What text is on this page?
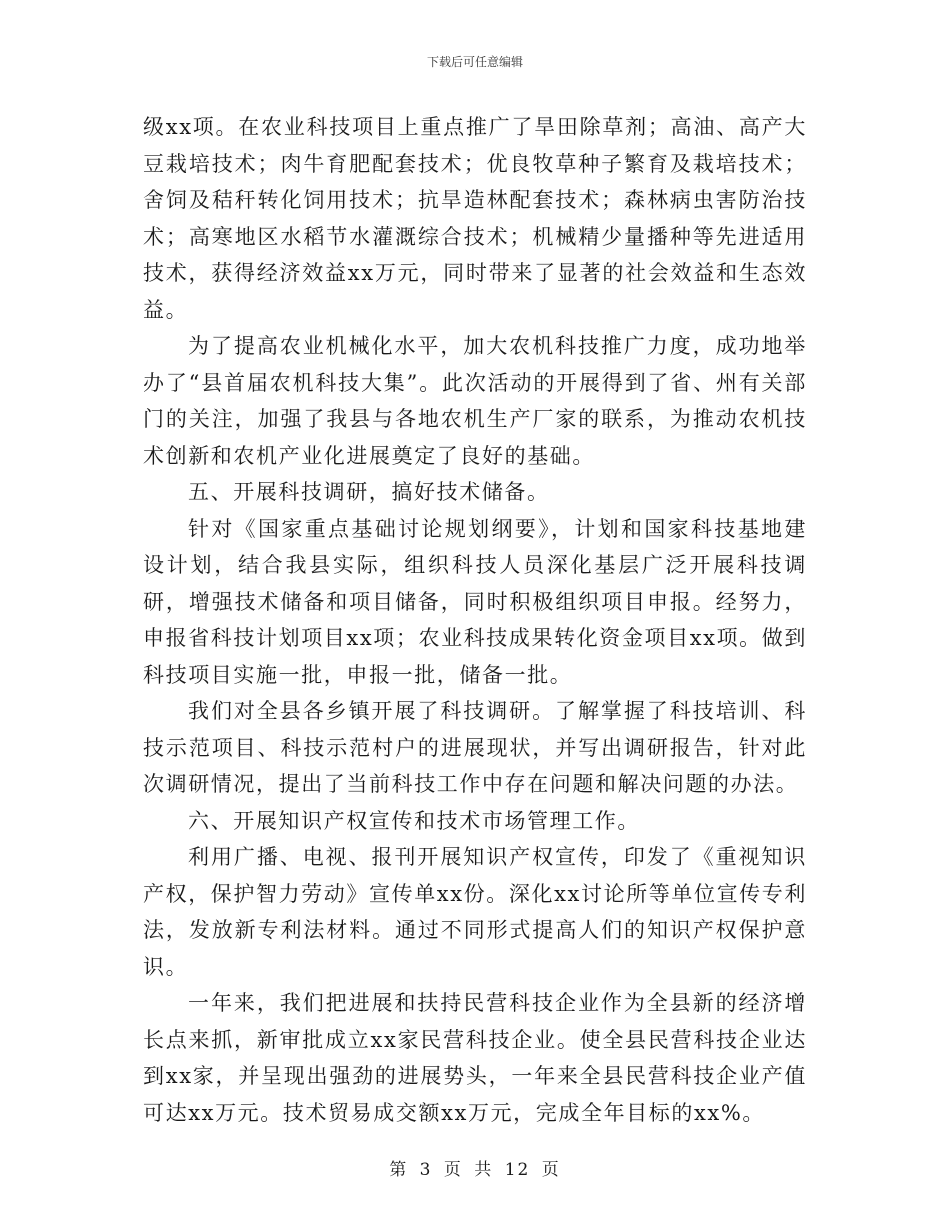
下载后可任意编辑

级xx项。在农业科技项目上重点推广了旱田除草剂；高油、高产大豆栽培技术；肉牛育肥配套技术；优良牧草种子繁育及栽培技术；舍饲及秸秆转化饲用技术；抗旱造林配套技术；森林病虫害防治技术；高寒地区水稻节水灌溉综合技术；机械精少量播种等先进适用技术，获得经济效益xx万元，同时带来了显著的社会效益和生态效益。

为了提高农业机械化水平，加大农机科技推广力度，成功地举办了“县首届农机科技大集”。此次活动的开展得到了省、州有关部门的关注，加强了我县与各地农机生产厂家的联系，为推动农机技术创新和农机产业化进展奠定了良好的基础。

五、开展科技调研，搞好技术储备。

针对《国家重点基础讨论规划纲要》，计划和国家科技基地建设计划，结合我县实际，组织科技人员深化基层广泛开展科技调研，增强技术储备和项目储备，同时积极组织项目申报。经努力，申报省科技计划项目xx项；农业科技成果转化资金项目xx项。做到科技项目实施一批，申报一批，储备一批。

我们对全县各乡镇开展了科技调研。了解掌握了科技培训、科技示范项目、科技示范村户的进展现状，并写出调研报告，针对此次调研情况，提出了当前科技工作中存在问题和解决问题的办法。

六、开展知识产权宣传和技术市场管理工作。

利用广播、电视、报刊开展知识产权宣传，印发了《重视知识产权，保护智力劳动》宣传单xx份。深化xx讨论所等单位宣传专利法，发放新专利法材料。通过不同形式提高人们的知识产权保护意识。

一年来，我们把进展和扶持民营科技企业作为全县新的经济增长点来抓，新审批成立xx家民营科技企业。使全县民营科技企业达到xx家，并呈现出强劲的进展势头，一年来全县民营科技企业产值可达xx万元。技术贸易成交额xx万元，完成全年目标的xx%。

第 3 页 共 12 页
